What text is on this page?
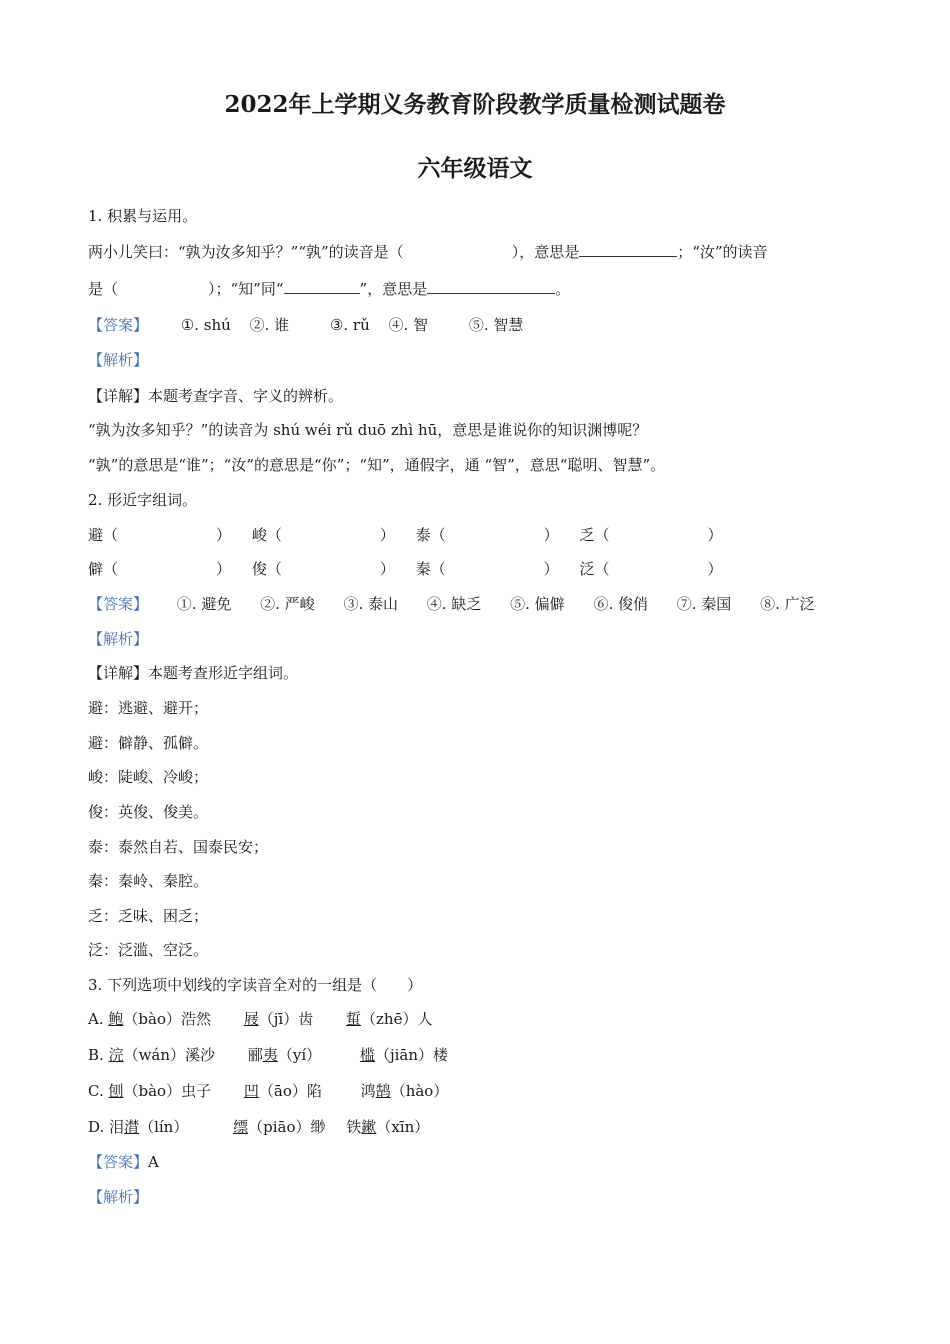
2022年上学期义务教育阶段教学质量检测试题卷
六年级语文
1. 积累与运用。
两小儿笑曰：“孰为汝多知乎？”“孰”的读音是（	），意思是	；“汝”的读音
是（	）；“知”同“	”，意思是	。
【答案】 ①. shú ②. 谁	③. rǔ ④. 智	⑤. 智慧
【解析】
【详解】本题考查字音、字义的辨析。
“孰为汝多知乎？”的读音为 shú wéi rǔ duō zhì hū，意思是谁说你的知识渊博呢？
“孰”的意思是“谁”；“汝”的意思是“你”；“知”，通假字，通 “智”，意思“聪明、智慧”。
2. 形近字组词。
避（	） 峻（	） 泰（	） 乏（	）
僻（	） 俊（	） 秦（	） 泛（	）
【答案】 ①. 避免 ②. 严峻 ③. 泰山 ④. 缺乏 ⑤. 偏僻 ⑥. 俊俏 ⑦. 秦国 ⑧. 广泛
【解析】
【详解】本题考查形近字组词。
避：逃避、避开；
避：僻静、孤僻。
峻：陡峻、冷峻；
俊：英俊、俊美。
泰：泰然自若、国泰民安；
秦：秦岭、秦腔。
乏：乏味、困乏；
泛：泛滥、空泛。
3. 下列选项中划线的字读音全对的一组是（　　）
A. 鲍（bào）浩然 屐（jī）齿 蜇（zhē）人
B. 浣（wán）溪沙 郦夷（yí）	槛（jiān）楼
C. 刨（bào）虫子 凹（āo）陷	鸿鹄（hào）
D. 泪潸（lín）	缥（piāo）缈 铁鏉（xīn）
【答案】A
【解析】
